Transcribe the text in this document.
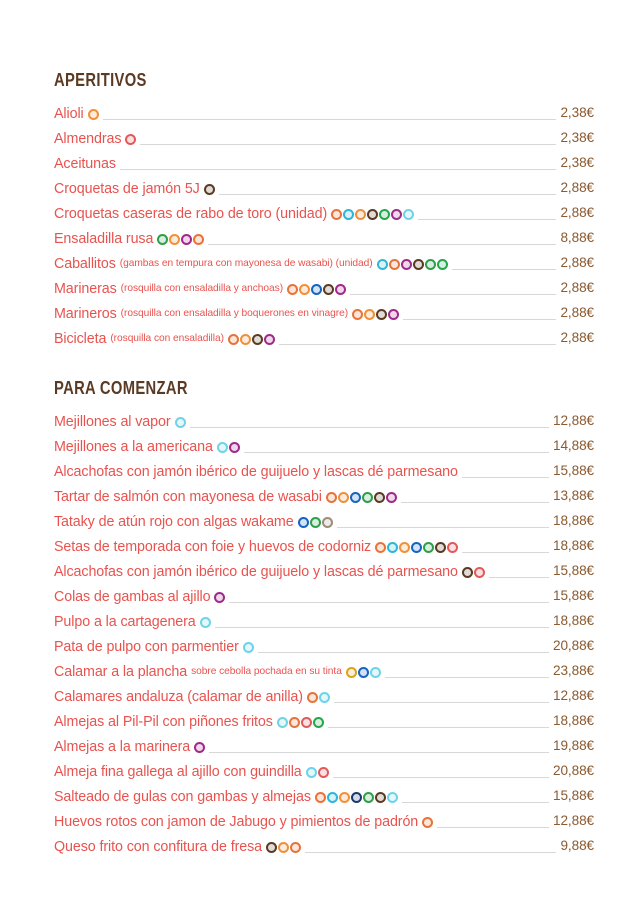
APERITIVOS
Alioli	2,38€
Almendras	2,38€
Aceitunas	2,38€
Croquetas de jamón 5J	2,88€
Croquetas caseras de rabo de toro (unidad)	2,88€
Ensaladilla rusa	8,88€
Caballitos (gambas en tempura con mayonesa de wasabi) (unidad)	2,88€
Marineras (rosquilla con ensaladilla y anchoas)	2,88€
Marineros (rosquilla con ensaladilla y boquerones en vinagre)	2,88€
Bicicleta (rosquilla con ensaladilla)	2,88€
PARA COMENZAR
Mejillones al vapor	12,88€
Mejillones a la americana	14,88€
Alcachofas con jamón ibérico de guijuelo y lascas dé parmesano	15,88€
Tartar de salmón con mayonesa de wasabi	13,88€
Tataky de atún rojo con algas wakame	18,88€
Setas de temporada con foie y huevos de codorniz	18,88€
Alcachofas con jamón ibérico de guijuelo y lascas dé parmesano	15,88€
Colas de gambas al ajillo	15,88€
Pulpo a la cartagenera	18,88€
Pata de pulpo con parmentier	20,88€
Calamar a la plancha sobre cebolla pochada en su tinta	23,88€
Calamares andaluza (calamar de anilla)	12,88€
Almejas al Pil-Pil con piñones fritos	18,88€
Almejas a la marinera	19,88€
Almeja fina gallega al ajillo con guindilla	20,88€
Salteado de gulas con gambas y almejas	15,88€
Huevos rotos con jamon de Jabugo y pimientos de padrón	12,88€
Queso frito con confitura de fresa	9,88€
